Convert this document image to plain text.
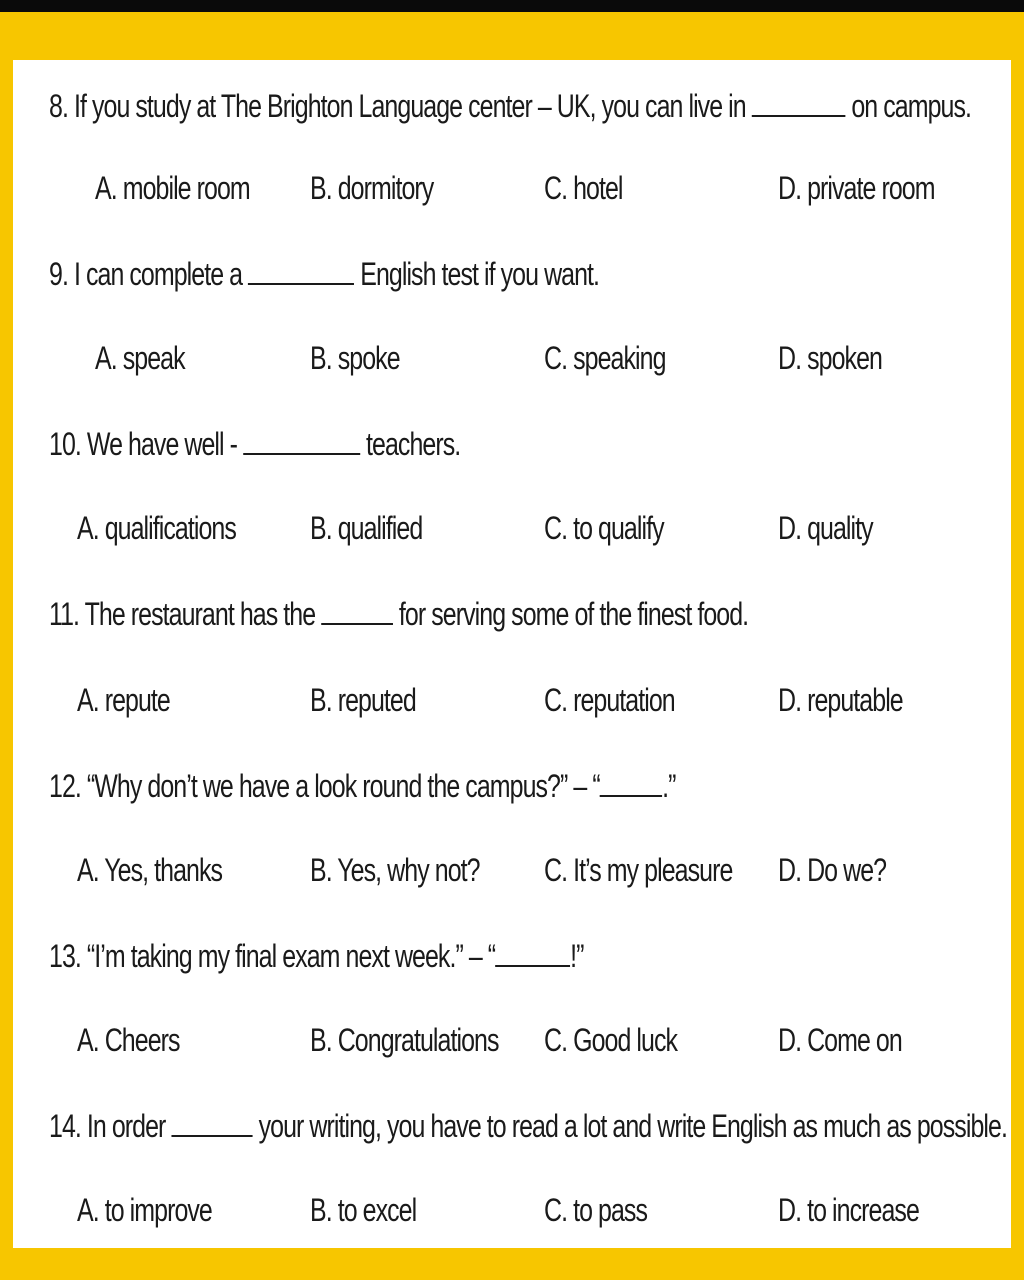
8. If you study at The Brighton Language center – UK, you can live in	on campus.
A. mobile room B. dormitory	C. hotel	D. private room
9. I can complete a	English test if you want.
A. speak	B. spoke	C. speaking	D. spoken
10. We have well -	teachers.
A. qualifications B. qualified	C. to qualify	D. quality
11. The restaurant has the	for serving some of the finest food.
A. repute	B. reputed	C. reputation	D. reputable
12. “Why don’t we have a look round the campus?” – “ .”
A. Yes, thanks	B. Yes, why not? C. It’s my pleasure D. Do we?
13. “I’m taking my final exam next week.” – “ !”
A. Cheers	B. Congratulations C. Good luck	D. Come on
14. In order	your writing, you have to read a lot and write English as much as possible.
A. to improve	B. to excel	C. to pass	D. to increase
